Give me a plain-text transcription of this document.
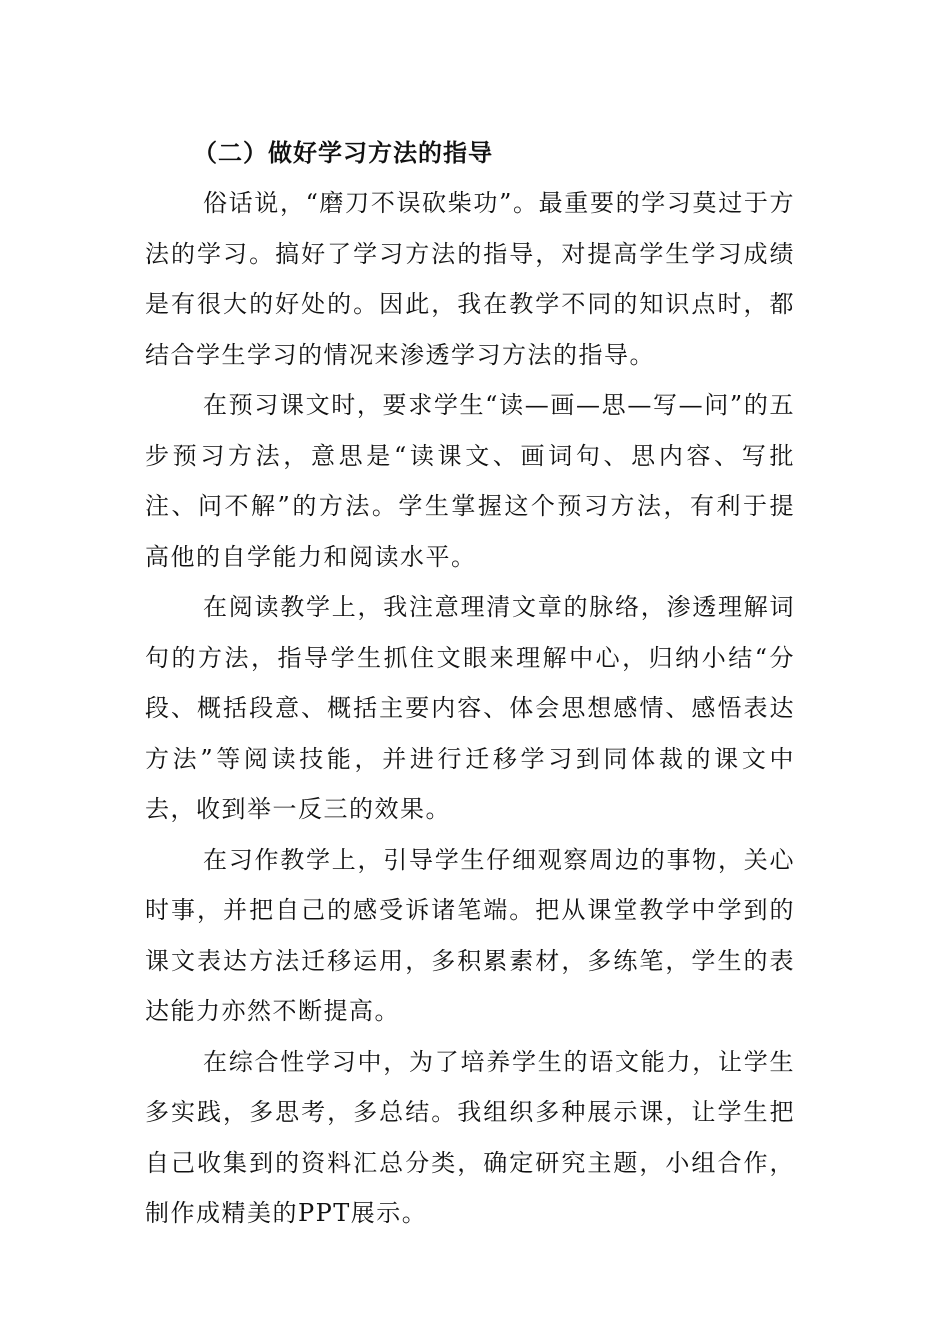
（二）做好学习方法的指导

俗话说，“磨刀不误砍柴功”。最重要的学习莫过于方法的学习。搞好了学习方法的指导，对提高学生学习成绩是有很大的好处的。因此，我在教学不同的知识点时，都结合学生学习的情况来渗透学习方法的指导。

在预习课文时，要求学生“读—画—思—写—问”的五步预习方法，意思是“读课文、画词句、思内容、写批注、问不解”的方法。学生掌握这个预习方法，有利于提高他的自学能力和阅读水平。

在阅读教学上，我注意理清文章的脉络，渗透理解词句的方法，指导学生抓住文眼来理解中心，归纳小结“分段、概括段意、概括主要内容、体会思想感情、感悟表达方法”等阅读技能，并进行迁移学习到同体裁的课文中去，收到举一反三的效果。

在习作教学上，引导学生仔细观察周边的事物，关心时事，并把自己的感受诉诸笔端。把从课堂教学中学到的课文表达方法迁移运用，多积累素材，多练笔，学生的表达能力亦然不断提高。

在综合性学习中，为了培养学生的语文能力，让学生多实践，多思考，多总结。我组织多种展示课，让学生把自己收集到的资料汇总分类，确定研究主题，小组合作，制作成精美的PPT展示。
